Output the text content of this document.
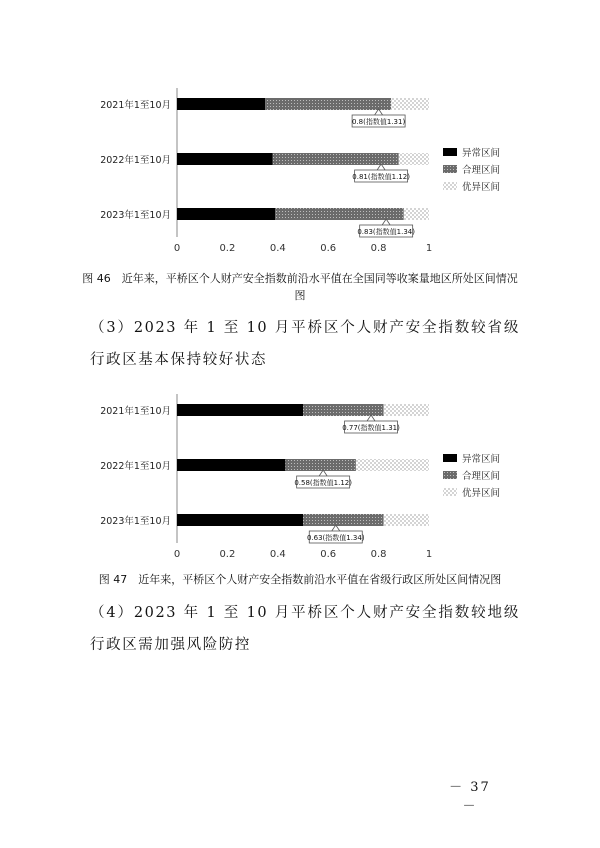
2021年1至10月
0.8(指数值1.31)
2022年1至10月
0.81(指数值1.12)
2023年1至10月
0.83(指数值1.34)
0	0.2	0.4	0.6	0.8	1
异常区间
合理区间
优异区间
图 46　近年来，平桥区个人财产安全指数前沿水平值在全国同等收案量地区所处区间情况图
（3）2023 年 1 至 10 月平桥区个人财产安全指数较省级行政区基本保持较好状态
2021年1至10月
0.77(指数值1.31)
2022年1至10月
0.58(指数值1.12)
2023年1至10月
0.63(指数值1.34)
0	0.2	0.4	0.6	0.8	1
异常区间
合理区间
优异区间
图 47　近年来，平桥区个人财产安全指数前沿水平值在省级行政区所处区间情况图
（4）2023 年 1 至 10 月平桥区个人财产安全指数较地级行政区需加强风险防控
－ 37 －
